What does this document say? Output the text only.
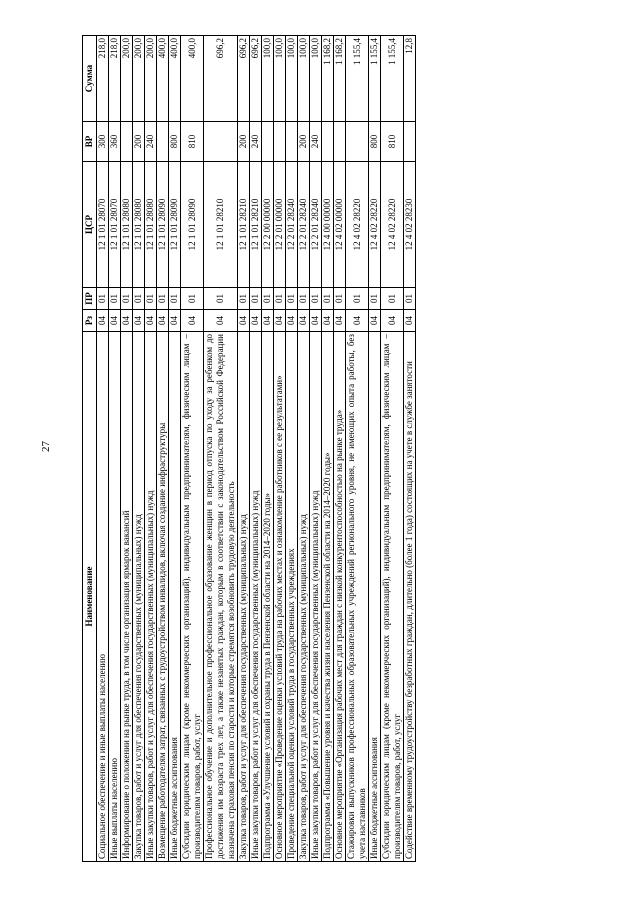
27
Наименование	Рз	ПР	ЦСР	ВР	Сумма
Социальное обеспечение и иные выплаты населению	04	01	12 1 01 28070	300	218,0
Иные выплаты населению	04	01	12 1 01 28070	360	218,0
Информирование о положении на рынке труда, в том числе организация ярмарок вакансий	04	01	12 1 01 28080		200,0
Закупка товаров, работ и услуг для обеспечения государственных (муниципальных) нужд	04	01	12 1 01 28080	200	200,0
Иные закупки товаров, работ и услуг для обеспечения государственных (муниципальных) нужд	04	01	12 1 01 28080	240	200,0
Возмещение работодателям затрат, связанных с трудоустройством инвалидов, включая создание инфраструктуры	04	01	12 1 01 28090		400,0
Иные бюджетные ассигнования	04	01	12 1 01 28090	800	400,0
Субсидии юридическим лицам (кроме некоммерческих организаций), индивидуальным предпринимателям, физическим лицам – производителям товаров, работ, услуг	04	01	12 1 01 28090	810	400,0
Профессиональное обучение и дополнительное профессиональное образование женщин в период отпуска по уходу за ребенком до достижения им возраста трех лет, а также незанятых граждан, которым в соответствии с законодательством Российской Федерации назначена страховая пенсия по старости и которые стремятся возобновить трудовую деятельность	04	01	12 1 01 28210		696,2
Закупка товаров, работ и услуг для обеспечения государственных (муниципальных) нужд	04	01	12 1 01 28210	200	696,2
Иные закупки товаров, работ и услуг для обеспечения государственных (муниципальных) нужд	04	01	12 1 01 28210	240	696,2
Подпрограмма «Улучшение условий и охраны труда в Пензенской области на 2014–2020 годы»	04	01	12 2 00 00000		100,0
Основное мероприятие «Проведение оценки условий труда на рабочих местах и ознакомление работников с ее результатами»	04	01	12 2 01 00000		100,0
Проведение специальной оценки условий труда в государственных учреждениях	04	01	12 2 01 28240		100,0
Закупка товаров, работ и услуг для обеспечения государственных (муниципальных) нужд	04	01	12 2 01 28240	200	100,0
Иные закупки товаров, работ и услуг для обеспечения государственных (муниципальных) нужд	04	01	12 2 01 28240	240	100,0
Подпрограмма «Повышение уровня и качества жизни населения Пензенской области на 2014–2020 годы»	04	01	12 4 00 00000		1 168,2
Основное мероприятие «Организация рабочих мест для граждан с низкой конкурентоспособностью на рынке труда»	04	01	12 4 02 00000		1 168,2
Стажировки выпускников профессиональных образовательных учреждений регионального уровня, не имеющих опыта работы, без учета наставников	04	01	12 4 02 28220		1 155,4
Иные бюджетные ассигнования	04	01	12 4 02 28220	800	1 155,4
Субсидии юридическим лицам (кроме некоммерческих организаций), индивидуальным предпринимателям, физическим лицам – производителям товаров, работ, услуг	04	01	12 4 02 28220	810	1 155,4
Содействие временному трудоустройству безработных граждан, длительно (более 1 года) состоящих на учете в службе занятости	04	01	12 4 02 28230		12,8
